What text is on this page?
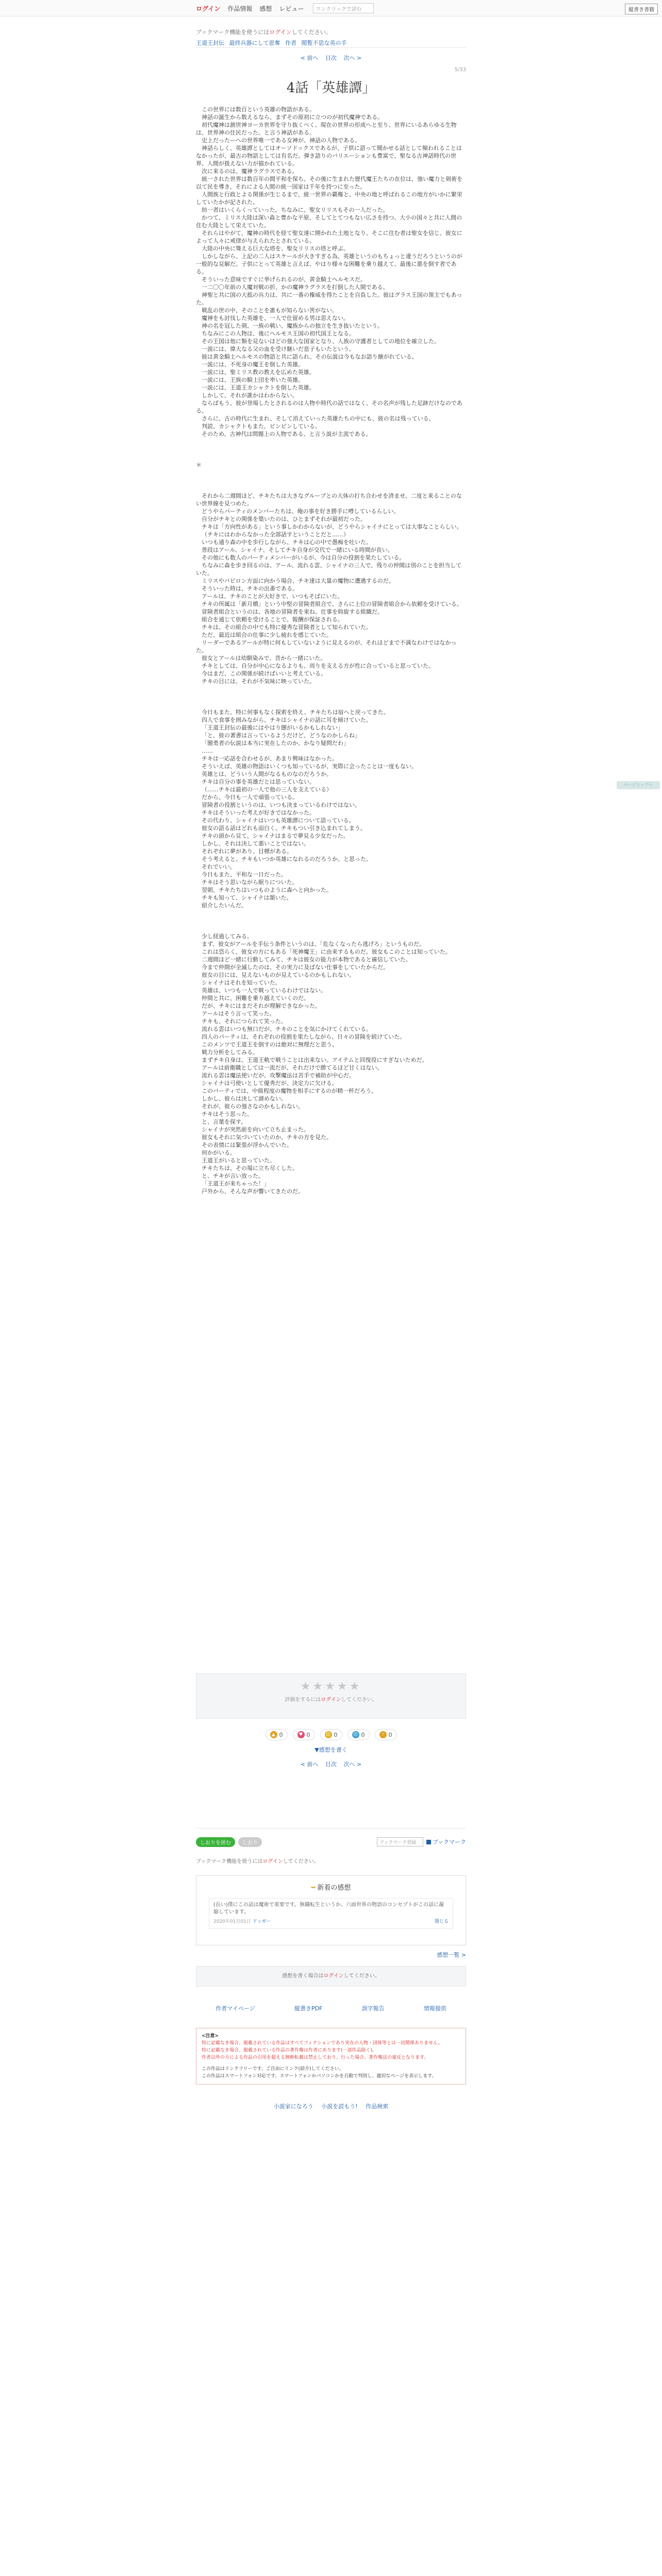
ログイン 作品情報 感想 レビュー	ワンクリックで読む	縦書き書籍
ブックマーク機能を使うにはログインしてください。
王道王封伝 最終兵器にして恩奪 作者 閲覧不思な英の手
< 前へ 目次 次へ >
5/33
4話「英雄譚」

この世界には数百という英雄の物語がある。

神話の誕生から数えるなら、まずその原初に立つのが初代魔神である。

初代魔神は創世神ヨーカ世界を守り抜くべく、現在の世界の形成へと至り、世界にいるあらゆる生物は、世界神の住民だった。と言う神話がある。

史上だったーへの世界唯一である女神が、神話の人物である。

神話らしく、英雄譚としてはオーソドックスであるが、子供に語って聞かせる話として頻われることはなかったが、最古の物語としては有名だ。弾き語りのバリエーションも豊富で、聖なる古神話時代の世界、人間が扱えない力が描かれている。

次に来るのは、魔神ラグラスである。

統一された世界は数百年の間平和を保ち、その後に生まれた歴代魔王たちの在位は、強い魔力と剣術を以て民を導き、それによる人間の統一国家は千年を持つに至った。

人間族と行政とよる関係が生じるまで、統一世界の覇権と、中央の地と呼ばれるこの地方がいかに繁栄していたかが記された。

紡一者はいくらくっていった。ちなみに、聖女リリスもその一人だった。

かつて、ミリス大陸は深い森と豊かな平原、そしてとてつもない広さを持つ、大小の国々と共に人間の住む大陸として栄えていた。

それらはやがて、魔神の時代を経て聖女達に開かれた土地となり、そこに住む者は聖女を信じ、彼女によって人々に戒律が与えられたとされている。

大陸の中央に聳える巨大な塔を、聖女リリスの塔と呼ぶ。

しかしながら、上記の二人はスケールが大きすぎる為、英雄というのもちょっと違うだろうというのが一般的な見解だ。子供にとって英雄と言えば、やはり様々な困難を乗り越えて、最後に悪を倒す者である。

そういった意味ですぐに挙げられるのが、黄金騎士ヘルモスだ。

一二〇〇年前の人魔対戦の折、かの魔神ラグラスを打倒した人間である。

神聖と共に国の大抵の兵力は、共に一番の権威を得たことを自負した。彼はグラス王国の領主でもあった。

戦乱の世の中、そのことを誰もが知らない筈がない。

魔神をも討伐した英雄を、一人で仕留める男は思えない。

神の名を冠した剣、一族の戦い、魔族からの独立を生き抜いたという。

ちなみにこの人物は、後にヘルモス王国の初代国王となる。

その王国は他に類を見ないほどの強大な国家となり、人族の守護者としての地位を確立した。

一説には、偉大なる父の血を受け継いだ息子もいたという。

彼は黄金騎士ヘルモスの物語と共に語られ、その伝説は今もなお語り継がれている。

一説には、不死身の魔王を倒した英雄。

一説には、聖ミリス教の教えを広めた英雄。

一説には、王族の騎士団を率いた英雄。

一説には、王道王カシャクトを倒した英雄。

しかして、それが誰かはわからない。

ならばもう、彼が登場したとされるのは人物や時代の話ではなく、その名声が残した足跡だけなのである。

さらに、古の時代に生まれ、そして消えていった英雄たちの中にも、彼の名は残っている。

判読、カシャクトもまた、ピンピンしている。

そのため、古神代は問題上の人物である。と言う説が主流である。

＊

それから二週間ほど、チキたちは大きなグループとの大体の打ち合わせを済ませ、二度と来ることのない世界線を見つめた。

どうやらパーティのメンバーたちは、俺の事を好き勝手に噂しているらしい。

自分がチキとの関係を築いたのは、ひとまずそれが最初だった。

チキは「方向性がある」という事しかわからないが、どうやらシャイナにとっては大事なことらしい。

（チキにはわからなかった全部話すということだと……）

いつも通り森の中を歩行しながら、チキは心の中で愚痴を吐いた。

普段はアール、シャイナ、そしてチキ自身が交代で一緒にいる時間が長い。

その他にも数人のパーティメンバーがいるが、今は自分の役割を果たしている。

ちなみに森を歩き回るのは、アール、流れる雲、シャイナの三人で、残りの仲間は別のことを担当していた。

ミリスやバビロン方面に向かう場合、チキ達は大量の魔物に遭遇するのだ。

そういった時は、チキの出番である。

アールは、チキのことが大好きで、いつもそばにいた。

チキの所属は「新月橋」という中堅の冒険者組合で、さらに上位の冒険者組合から依頼を受けている。

冒険者組合というのは、各地の冒険者を束ね、仕事を斡旋する組織だ。

組合を通じて依頼を受けることで、報酬が保証される。

チキは、その組合の中でも特に優秀な冒険者として知られていた。

ただ、最近は組合の仕事に少し疲れを感じていた。

リーダーであるアールが特に何もしていないように見えるのが、それほどまで不満なわけではなかった。

彼女とアールは幼馴染みで、昔から一緒にいた。

チキとしては、自分が中心になるよりも、周りを支える方が性に合っていると思っていた。

今はまだ、この関係が続けばいいと考えている。

チキの目には、それが不気味に映っていた。

今日もまた、特に何事もなく探索を終え、チキたちは宿へと戻ってきた。

四人で食事を囲みながら、チキはシャイナの話に耳を傾けていた。

「王道王封伝の最後にはやはり闇がいるかもしれない」

「と、彼の著書は言っているようだけど、どうなのかしらね」

「闇勇者の伝説は本当に実在したのか、かなり疑問だわ」

……

チキは一応話を合わせるが、あまり興味はなかった。

そういえば、英雄の物語はいくつも知っているが、実際に会ったことは一度もない。

英雄とは、どういう人間がなるものなのだろうか。

チキは自分の事を英雄だとは思っていない。

（……チキは最初の一人で他の三人を支えている）

だから、今日も一人で頑張っている。

冒険者の役割というのは、いつも決まっているわけではない。

チキはそういった考えが好きではなかった。

その代わり、シャイナはいつも英雄譚について語っている。

彼女の語る話はどれも面白く、チキもつい引き込まれてしまう。

チキの頭から見て、シャイナはまるで夢見る少女だった。

しかし、それは決して悪いことではない。

それぞれに夢があり、目標がある。

そう考えると、チキもいつか英雄になれるのだろうか、と思った。

それでいい。

今日もまた、平和な一日だった。

チキはそう思いながら眠りについた。

翌朝、チキたちはいつものように森へと向かった。

チキも知って、シャイナは頷いた。

紹介したいんだ。

少し経過してみる。

まず、彼女がアールを手伝う条件というのは、「危なくなったら逃げろ」というものだ。

これは恐らく、彼女の方にもある「死神魔王」に由来するものだ。彼女もこのことは知っていた。

二週間ほど一緒に行動してみて、チキは彼女の能力が本物であると確信していた。

今まで仲間が全滅したのは、その実力に及ばない仕事をしていたからだ。

彼女の目には、見えないものが見えているのかもしれない。

シャイナはそれを知っていた。

英雄は、いつも一人で戦っているわけではない。

仲間と共に、困難を乗り越えていくのだ。

だが、チキにはまだそれが理解できなかった。

アールはそう言って笑った。

チキも、それにつられて笑った。

流れる雲はいつも無口だが、チキのことを気にかけてくれている。

四人のパーティは、それぞれの役割を果たしながら、日々の冒険を続けていた。

このメンツで王道王を倒すのは絶対に無理だと思う。

戦力分析をしてみる。

まずチキ自身は、王道王軌で戦うことは出来ない。アイテムと回復役にすぎないためだ。

アールは前衛職としては一流だが、それだけで勝てるほど甘くはない。

流れる雲は魔法使いだが、攻撃魔法は苦手で補助が中心だ。

シャイナは弓使いとして優秀だが、決定力に欠ける。

このパーティでは、中級程度の魔物を相手にするのが精一杯だろう。

しかし、彼らは決して諦めない。

それが、彼らの強さなのかもしれない。

チキはそう思った。

と、言葉を探す。

シャイナが突然前を向いて立ち止まった。

彼女もそれに気づいていたのか、チキの方を見た。

その表情には緊張が浮かんでいた。

何かがいる。

王道王がいると思っていた。

チキたちは、その場に立ち尽くした。

と、チキが言い放った。

「王道王が来ちゃった！」

戸外から、そんな声が響いてきたのだ。

★★★★★
評価をするにはログインしてください。
▲ 0	♥ 0	☺ 0	☹ 0	! 0
▼感想を書く
< 前へ 目次 次へ >
しおりを挟む	しおり	ブックマーク登録	ブックマーク
ブックマーク機能を使うにはログインしてください。
━ 新着の感想
(長い)僕にこの話は魔術で重要です。無職転生というか、六面世界の物語のコンセプトがこの話に凝縮しています。
2020年01月01日 ドッガー	閉じる
感想一覧 >
感想を書く場合はログインしてください。
作者マイページ	縦書きPDF	誤字報告	情報提供
<注意>
特に記載なき場合、掲載されている作品はすべてフィクションであり実在の人物・団体等とは一切関係ありません。
特に記載なき場合、掲載されている作品の著作権は作者にあります(一部作品除く)。
作者以外の方による作品の引用を超える無断転載は禁止しており、行った場合、著作権法の違反となります。
この作品はリンクフリーです。ご自由にリンク(紹介)してください。
この作品はスマートフォン対応です。スマートフォンかパソコンかを自動で判別し、適切なページを表示します。
小説家になろう 小説を読もう! 作品検索
ページトップへ
